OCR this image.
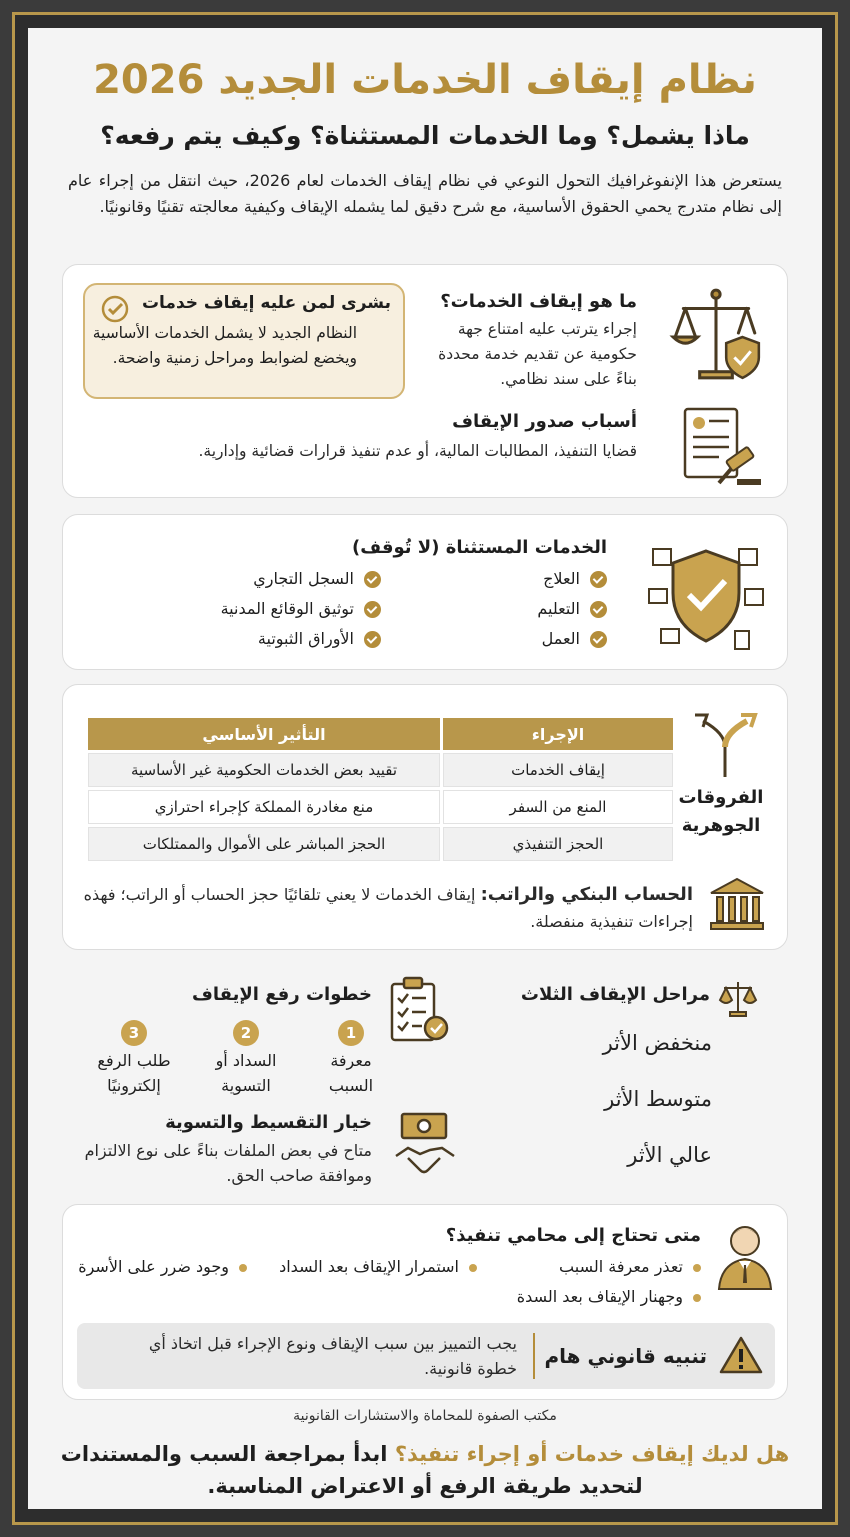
نظام إيقاف الخدمات الجديد 2026
ماذا يشمل؟ وما الخدمات المستثناة؟ وكيف يتم رفعه؟
يستعرض هذا الإنفوغرافيك التحول النوعي في نظام إيقاف الخدمات لعام 2026، حيث انتقل من إجراء عام إلى نظام متدرج يحمي الحقوق الأساسية، مع شرح دقيق لما يشمله الإيقاف وكيفية معالجته تقنيًا وقانونيًا.
ما هو إيقاف الخدمات؟
إجراء يترتب عليه امتناع جهة حكومية عن تقديم خدمة محددة بناءً على سند نظامي.
بشرى لمن عليه إيقاف خدمات
النظام الجديد لا يشمل الخدمات الأساسية ويخضع لضوابط ومراحل زمنية واضحة.
أسباب صدور الإيقاف
قضايا التنفيذ، المطالبات المالية، أو عدم تنفيذ قرارات قضائية وإدارية.
الخدمات المستثناة (لا تُوقف)
العلاج
التعليم
العمل
السجل التجاري
توثيق الوقائع المدنية
الأوراق الثبوتية
الفروقات
الجوهرية
الإجراء	التأثير الأساسي
إيقاف الخدمات	تقييد بعض الخدمات الحكومية غير الأساسية
المنع من السفر	منع مغادرة المملكة كإجراء احترازي
الحجز التنفيذي	الحجز المباشر على الأموال والممتلكات
الحساب البنكي والراتب: إيقاف الخدمات لا يعني تلقائيًا حجز الحساب أو الراتب؛ فهذه إجراءات تنفيذية منفصلة.
مراحل الإيقاف الثلاث
منخفض الأثر
متوسط الأثر
عالي الأثر
خطوات رفع الإيقاف
1
معرفة
السبب
2
السداد أو
التسوية
3
طلب الرفع
إلكترونيًا
خيار التقسيط والتسوية
متاح في بعض الملفات بناءً على نوع الالتزام وموافقة صاحب الحق.
متى تحتاج إلى محامي تنفيذ؟
تعذر معرفة السبب
استمرار الإيقاف بعد السداد
وجود ضرر على الأسرة
وجهنار الإيقاف بعد السدة
تنبيه قانوني هام
يجب التمييز بين سبب الإيقاف ونوع الإجراء قبل اتخاذ أي خطوة قانونية.
مكتب الصفوة للمحاماة والاستشارات القانونية
هل لديك إيقاف خدمات أو إجراء تنفيذ؟ ابدأ بمراجعة السبب والمستندات لتحديد طريقة الرفع أو الاعتراض المناسبة.
